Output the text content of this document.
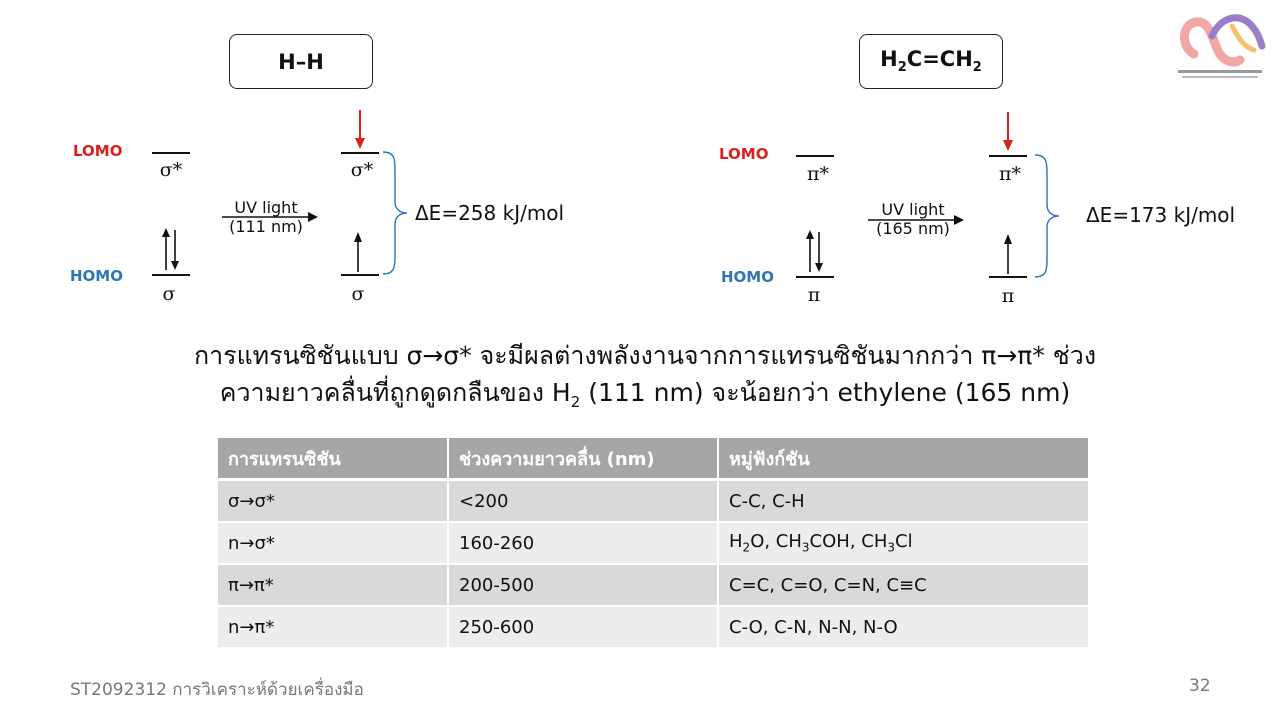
H–H
LOMO
HOMO
σ*
σ
UV light
(111 nm)
σ*
σ
ΔE=258 kJ/mol
$H_2C=CH_2$
LOMO
HOMO
π*
π
UV light
(165 nm)
π*
π
ΔE=173 kJ/mol
การแทรนซิชันแบบ σ→σ* จะมีผลต่างพลังงานจากการแทรนซิชันมากกว่า π→π* ช่วง
ความยาวคลื่นที่ถูกดูดกลืนของ $H_2$ (111 nm) จะน้อยกว่า ethylene (165 nm)
การแทรนซิชัน	ช่วงความยาวคลื่น (nm)	หมู่ฟังก์ชัน
σ→σ*	<200	C-C, C-H
n→σ*	160-260	$H_2O$, $CH_3COH$, $CH_3Cl$
π→π*	200-500	C=C, C=O, C=N, C≡C
n→π*	250-600	C-O, C-N, N-N, N-O
ST2092312 การวิเคราะห์ด้วยเครื่องมือ	32
